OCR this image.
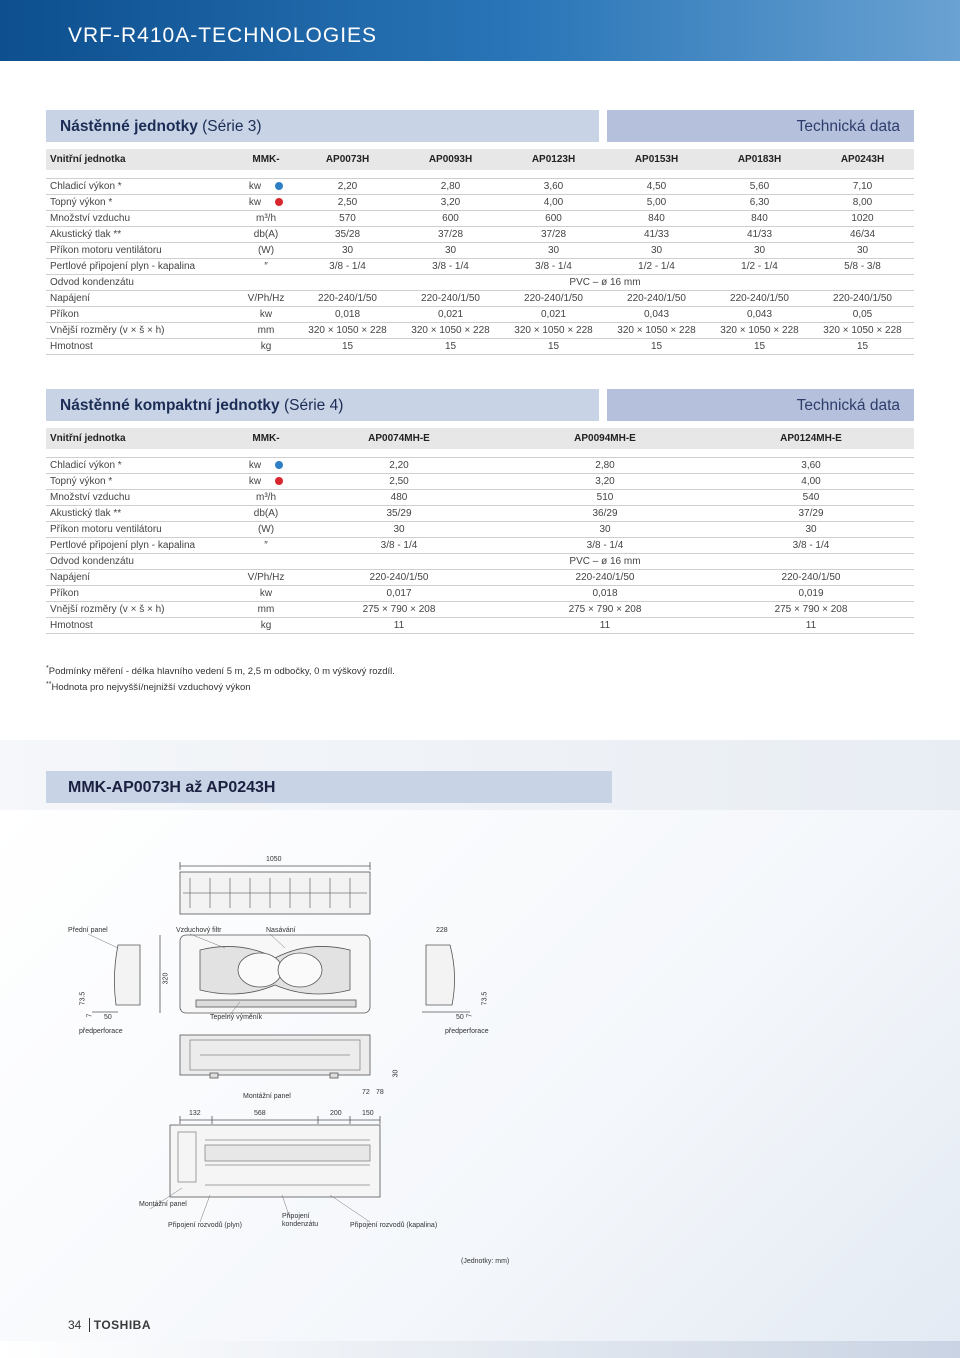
VRF-R410A-TECHNOLOGIES
Nástěnné jednotky (Série 3)	Technická data
Vnitřní jednotka	MMK-	AP0073H	AP0093H	AP0123H	AP0153H	AP0183H	AP0243H

Chladicí výkon *	kw	2,20	2,80	3,60	4,50	5,60	7,10
Topný výkon *	kw	2,50	3,20	4,00	5,00	6,30	8,00
Množství vzduchu	m³/h	570	600	600	840	840	1020
Akustický tlak **	db(A)	35/28	37/28	37/28	41/33	41/33	46/34
Příkon motoru ventilátoru	(W)	30	30	30	30	30	30
Pertlové připojení plyn - kapalina	″	3/8 - 1/4	3/8 - 1/4	3/8 - 1/4	1/2 - 1/4	1/2 - 1/4	5/8 - 3/8
Odvod kondenzátu		PVC – ø 16 mm					
Napájení	V/Ph/Hz	220-240/1/50	220-240/1/50	220-240/1/50	220-240/1/50	220-240/1/50	220-240/1/50
Příkon	kw	0,018	0,021	0,021	0,043	0,043	0,05
Vnější rozměry (v × š × h)	mm	320 × 1050 × 228	320 × 1050 × 228	320 × 1050 × 228	320 × 1050 × 228	320 × 1050 × 228	320 × 1050 × 228
Hmotnost	kg	15	15	15	15	15	15
Nástěnné kompaktní jednotky (Série 4)	Technická data
Vnitřní jednotka	MMK-	AP0074MH-E	AP0094MH-E	AP0124MH-E

Chladicí výkon *	kw	2,20	2,80	3,60
Topný výkon *	kw	2,50	3,20	4,00
Množství vzduchu	m³/h	480	510	540
Akustický tlak **	db(A)	35/29	36/29	37/29
Příkon motoru ventilátoru	(W)	30	30	30
Pertlové připojení plyn - kapalina	″	3/8 - 1/4	3/8 - 1/4	3/8 - 1/4
Odvod kondenzátu		PVC – ø 16 mm		
Napájení	V/Ph/Hz	220-240/1/50	220-240/1/50	220-240/1/50
Příkon	kw	0,017	0,018	0,019
Vnější rozměry (v × š × h)	mm	275 × 790 × 208	275 × 790 × 208	275 × 790 × 208
Hmotnost	kg	11	11	11
*Podmínky měření - délka hlavního vedení 5 m, 2,5 m odbočky, 0 m výškový rozdíl.
**Hodnota pro nejvyšší/nejnižší vzduchový výkon
MMK-AP0073H až AP0243H
1050
Přední panel	Vzduchový filtr	Nasávání	228
320
73.5
7 50	Tepelný výměník
předperforace
50 7
73.5
předperforace
30
72 78
Montážní panel
132	568	200	150
Montážní panel
Připojení rozvodů (plyn)
Připojení kondenzátu	Připojení rozvodů (kapalina)
(Jednotky: mm)
34 TOSHIBA
